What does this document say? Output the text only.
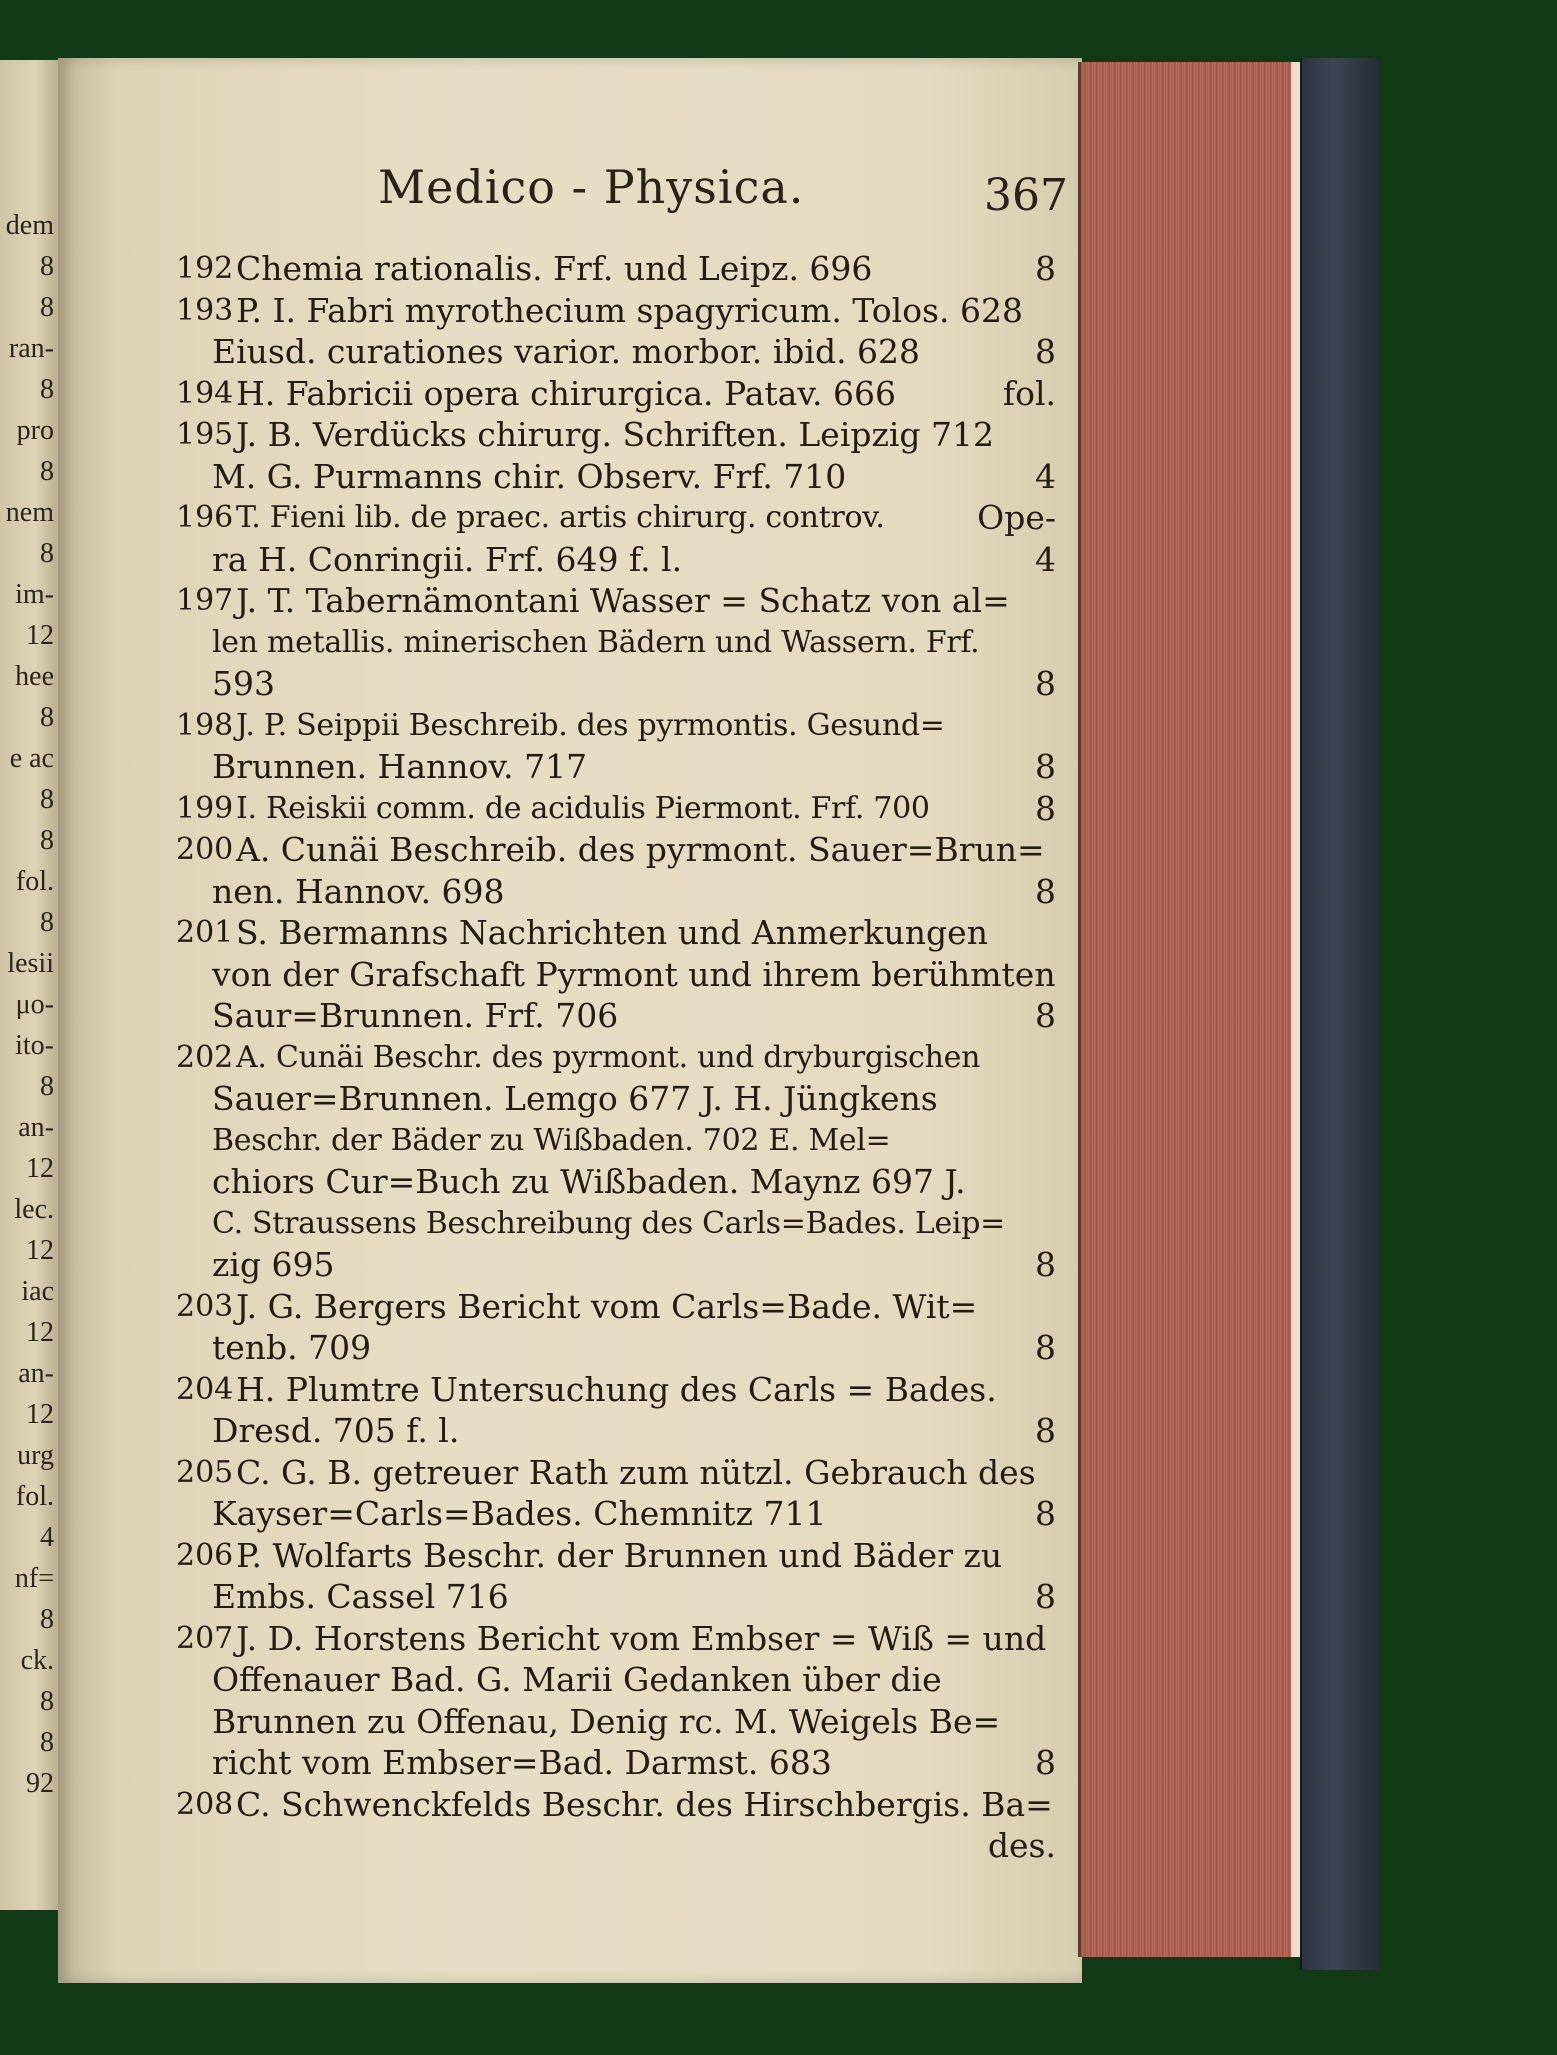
dem
8
8
ran-
8
pro
8
nem
8
im-
12
hee
8
e ac
8
8
fol.
8
lesii
μο-
ito-
8
an-
12
lec.
12
iac
12
an-
12
urg
fol.
4
nf=
8
ck.
8
8
92
Medico - Physica.	367
192 Chemia rationalis. Frf. und Leipz. 696	8
193 P. I. Fabri myrothecium spagyricum. Tolos. 628
Eiusd. curationes varior. morbor. ibid. 628	8
194 H. Fabricii opera chirurgica. Patav. 666	fol.
195 J. B. Verdücks chirurg. Schriften. Leipzig 712
M. G. Purmanns chir. Observ. Frf. 710	4
196 T. Fieni lib. de praec. artis chirurg. controv.	Ope-
ra H. Conringii. Frf. 649 f. l.	4
197 J. T. Tabernämontani Wasser = Schatz von al=
len metallis. minerischen Bädern und Wassern. Frf.
593	8
198 J. P. Seippii Beschreib. des pyrmontis. Gesund=
Brunnen. Hannov. 717	8
199 I. Reiskii comm. de acidulis Piermont. Frf. 700	8
200 A. Cunäi Beschreib. des pyrmont. Sauer=Brun=
nen. Hannov. 698	8
201 S. Bermanns Nachrichten und Anmerkungen
von der Grafschaft Pyrmont und ihrem berühmten
Saur=Brunnen. Frf. 706	8
202 A. Cunäi Beschr. des pyrmont. und dryburgischen
Sauer=Brunnen. Lemgo 677 J. H. Jüngkens
Beschr. der Bäder zu Wißbaden. 702 E. Mel=
chiors Cur=Buch zu Wißbaden. Maynz 697 J.
C. Straussens Beschreibung des Carls=Bades. Leip=
zig 695	8
203 J. G. Bergers Bericht vom Carls=Bade. Wit=
tenb. 709	8
204 H. Plumtre Untersuchung des Carls = Bades.
Dresd. 705 f. l.	8
205 C. G. B. getreuer Rath zum nützl. Gebrauch des
Kayser=Carls=Bades. Chemnitz 711	8
206 P. Wolfarts Beschr. der Brunnen und Bäder zu
Embs. Cassel 716	8
207 J. D. Horstens Bericht vom Embser = Wiß = und
Offenauer Bad. G. Marii Gedanken über die
Brunnen zu Offenau, Denig rc. M. Weigels Be=
richt vom Embser=Bad. Darmst. 683	8
208 C. Schwenckfelds Beschr. des Hirschbergis. Ba=
des.
